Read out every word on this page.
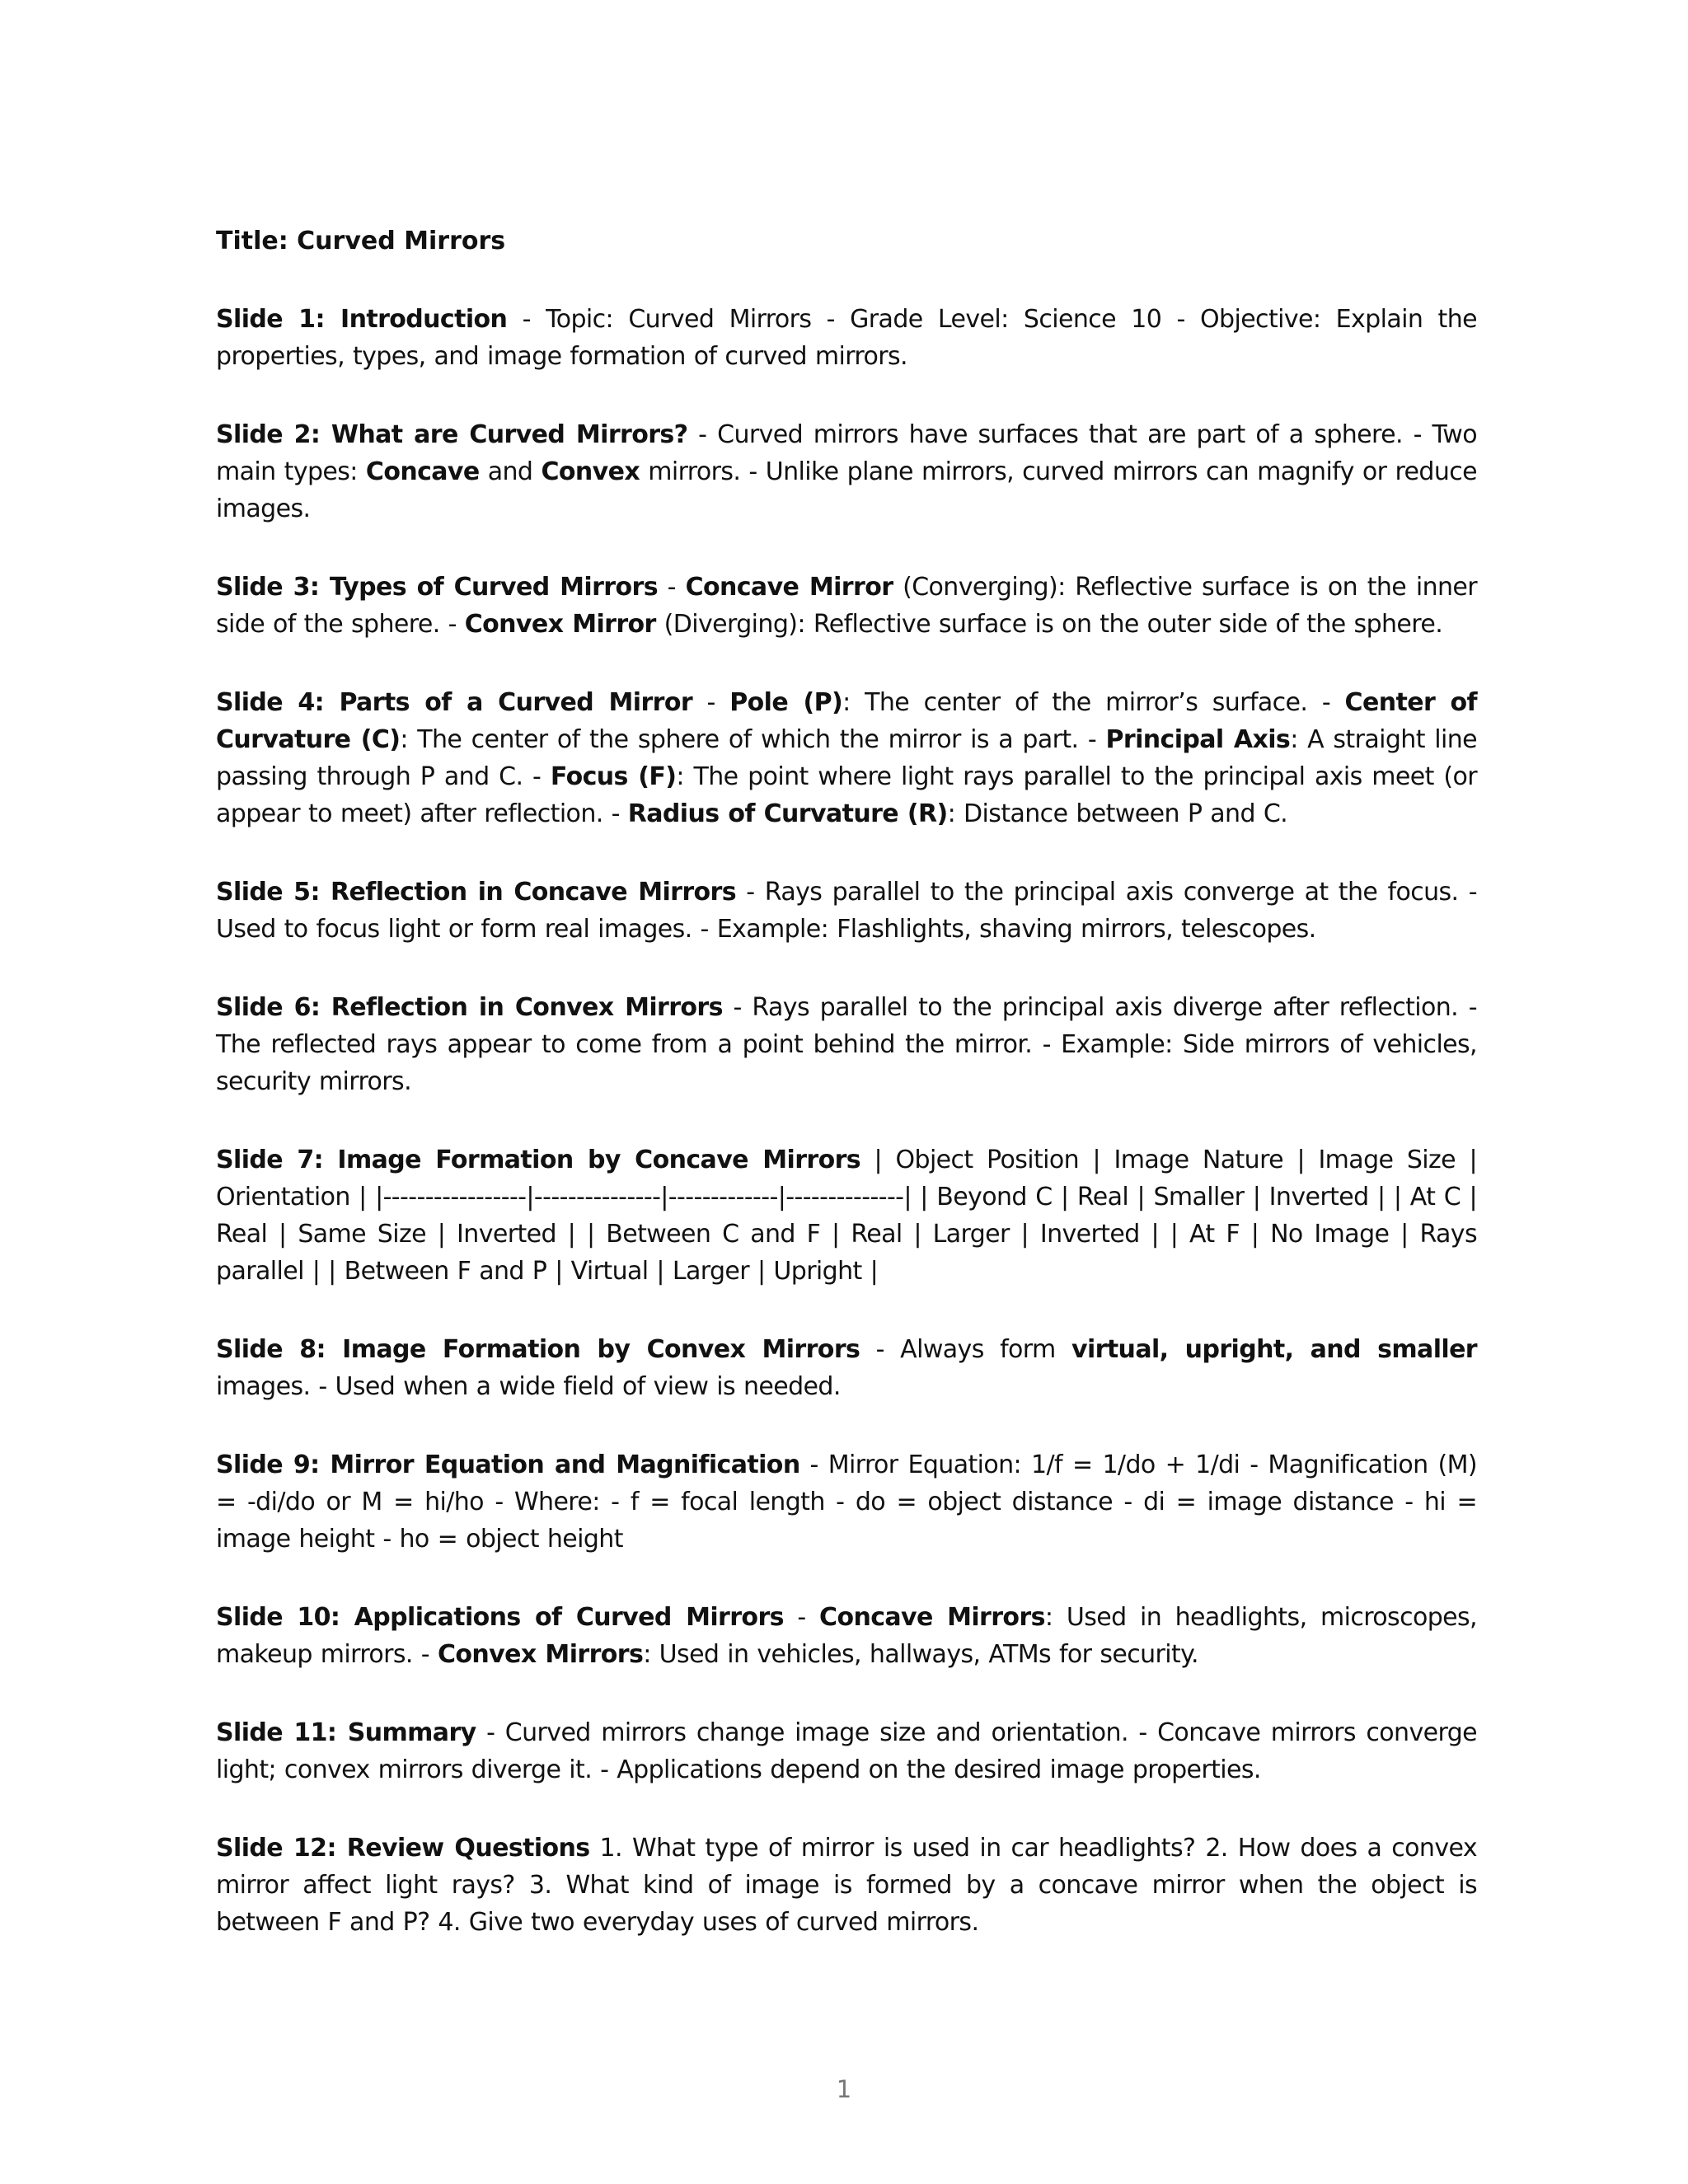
Title: Curved Mirrors

Slide 1: Introduction - Topic: Curved Mirrors - Grade Level: Science 10 - Objective: Explain the properties, types, and image formation of curved mirrors.

Slide 2: What are Curved Mirrors? - Curved mirrors have surfaces that are part of a sphere. - Two main types: Concave and Convex mirrors. - Unlike plane mirrors, curved mirrors can magnify or reduce images.

Slide 3: Types of Curved Mirrors - Concave Mirror (Converging): Reflective surface is on the inner side of the sphere. - Convex Mirror (Diverging): Reflective surface is on the outer side of the sphere.

Slide 4: Parts of a Curved Mirror - Pole (P): The center of the mirror’s surface. - Center of Curvature (C): The center of the sphere of which the mirror is a part. - Principal Axis: A straight line passing through P and C. - Focus (F): The point where light rays parallel to the principal axis meet (or appear to meet) after reflection. - Radius of Curvature (R): Distance between P and C.

Slide 5: Reflection in Concave Mirrors - Rays parallel to the principal axis converge at the focus. - Used to focus light or form real images. - Example: Flashlights, shaving mirrors, telescopes.

Slide 6: Reflection in Convex Mirrors - Rays parallel to the principal axis diverge after reflection. - The reflected rays appear to come from a point behind the mirror. - Example: Side mirrors of vehicles, security mirrors.

Slide 7: Image Formation by Concave Mirrors | Object Position | Image Nature | Image Size | Orientation | |-----------------|---------------|-------------|--------------| | Beyond C | Real | Smaller | Inverted | | At C | Real | Same Size | Inverted | | Between C and F | Real | Larger | Inverted | | At F | No Image | Rays parallel | | Between F and P | Virtual | Larger | Upright |

Slide 8: Image Formation by Convex Mirrors - Always form virtual, upright, and smaller images. - Used when a wide field of view is needed.

Slide 9: Mirror Equation and Magnification - Mirror Equation: 1/f = 1/do + 1/di - Magnification (M) = -di/do or M = hi/ho - Where: - f = focal length - do = object distance - di = image distance - hi = image height - ho = object height

Slide 10: Applications of Curved Mirrors - Concave Mirrors: Used in headlights, microscopes, makeup mirrors. - Convex Mirrors: Used in vehicles, hallways, ATMs for security.

Slide 11: Summary - Curved mirrors change image size and orientation. - Concave mirrors converge light; convex mirrors diverge it. - Applications depend on the desired image properties.

Slide 12: Review Questions 1. What type of mirror is used in car headlights? 2. How does a convex mirror affect light rays? 3. What kind of image is formed by a concave mirror when the object is between F and P? 4. Give two everyday uses of curved mirrors.

1
